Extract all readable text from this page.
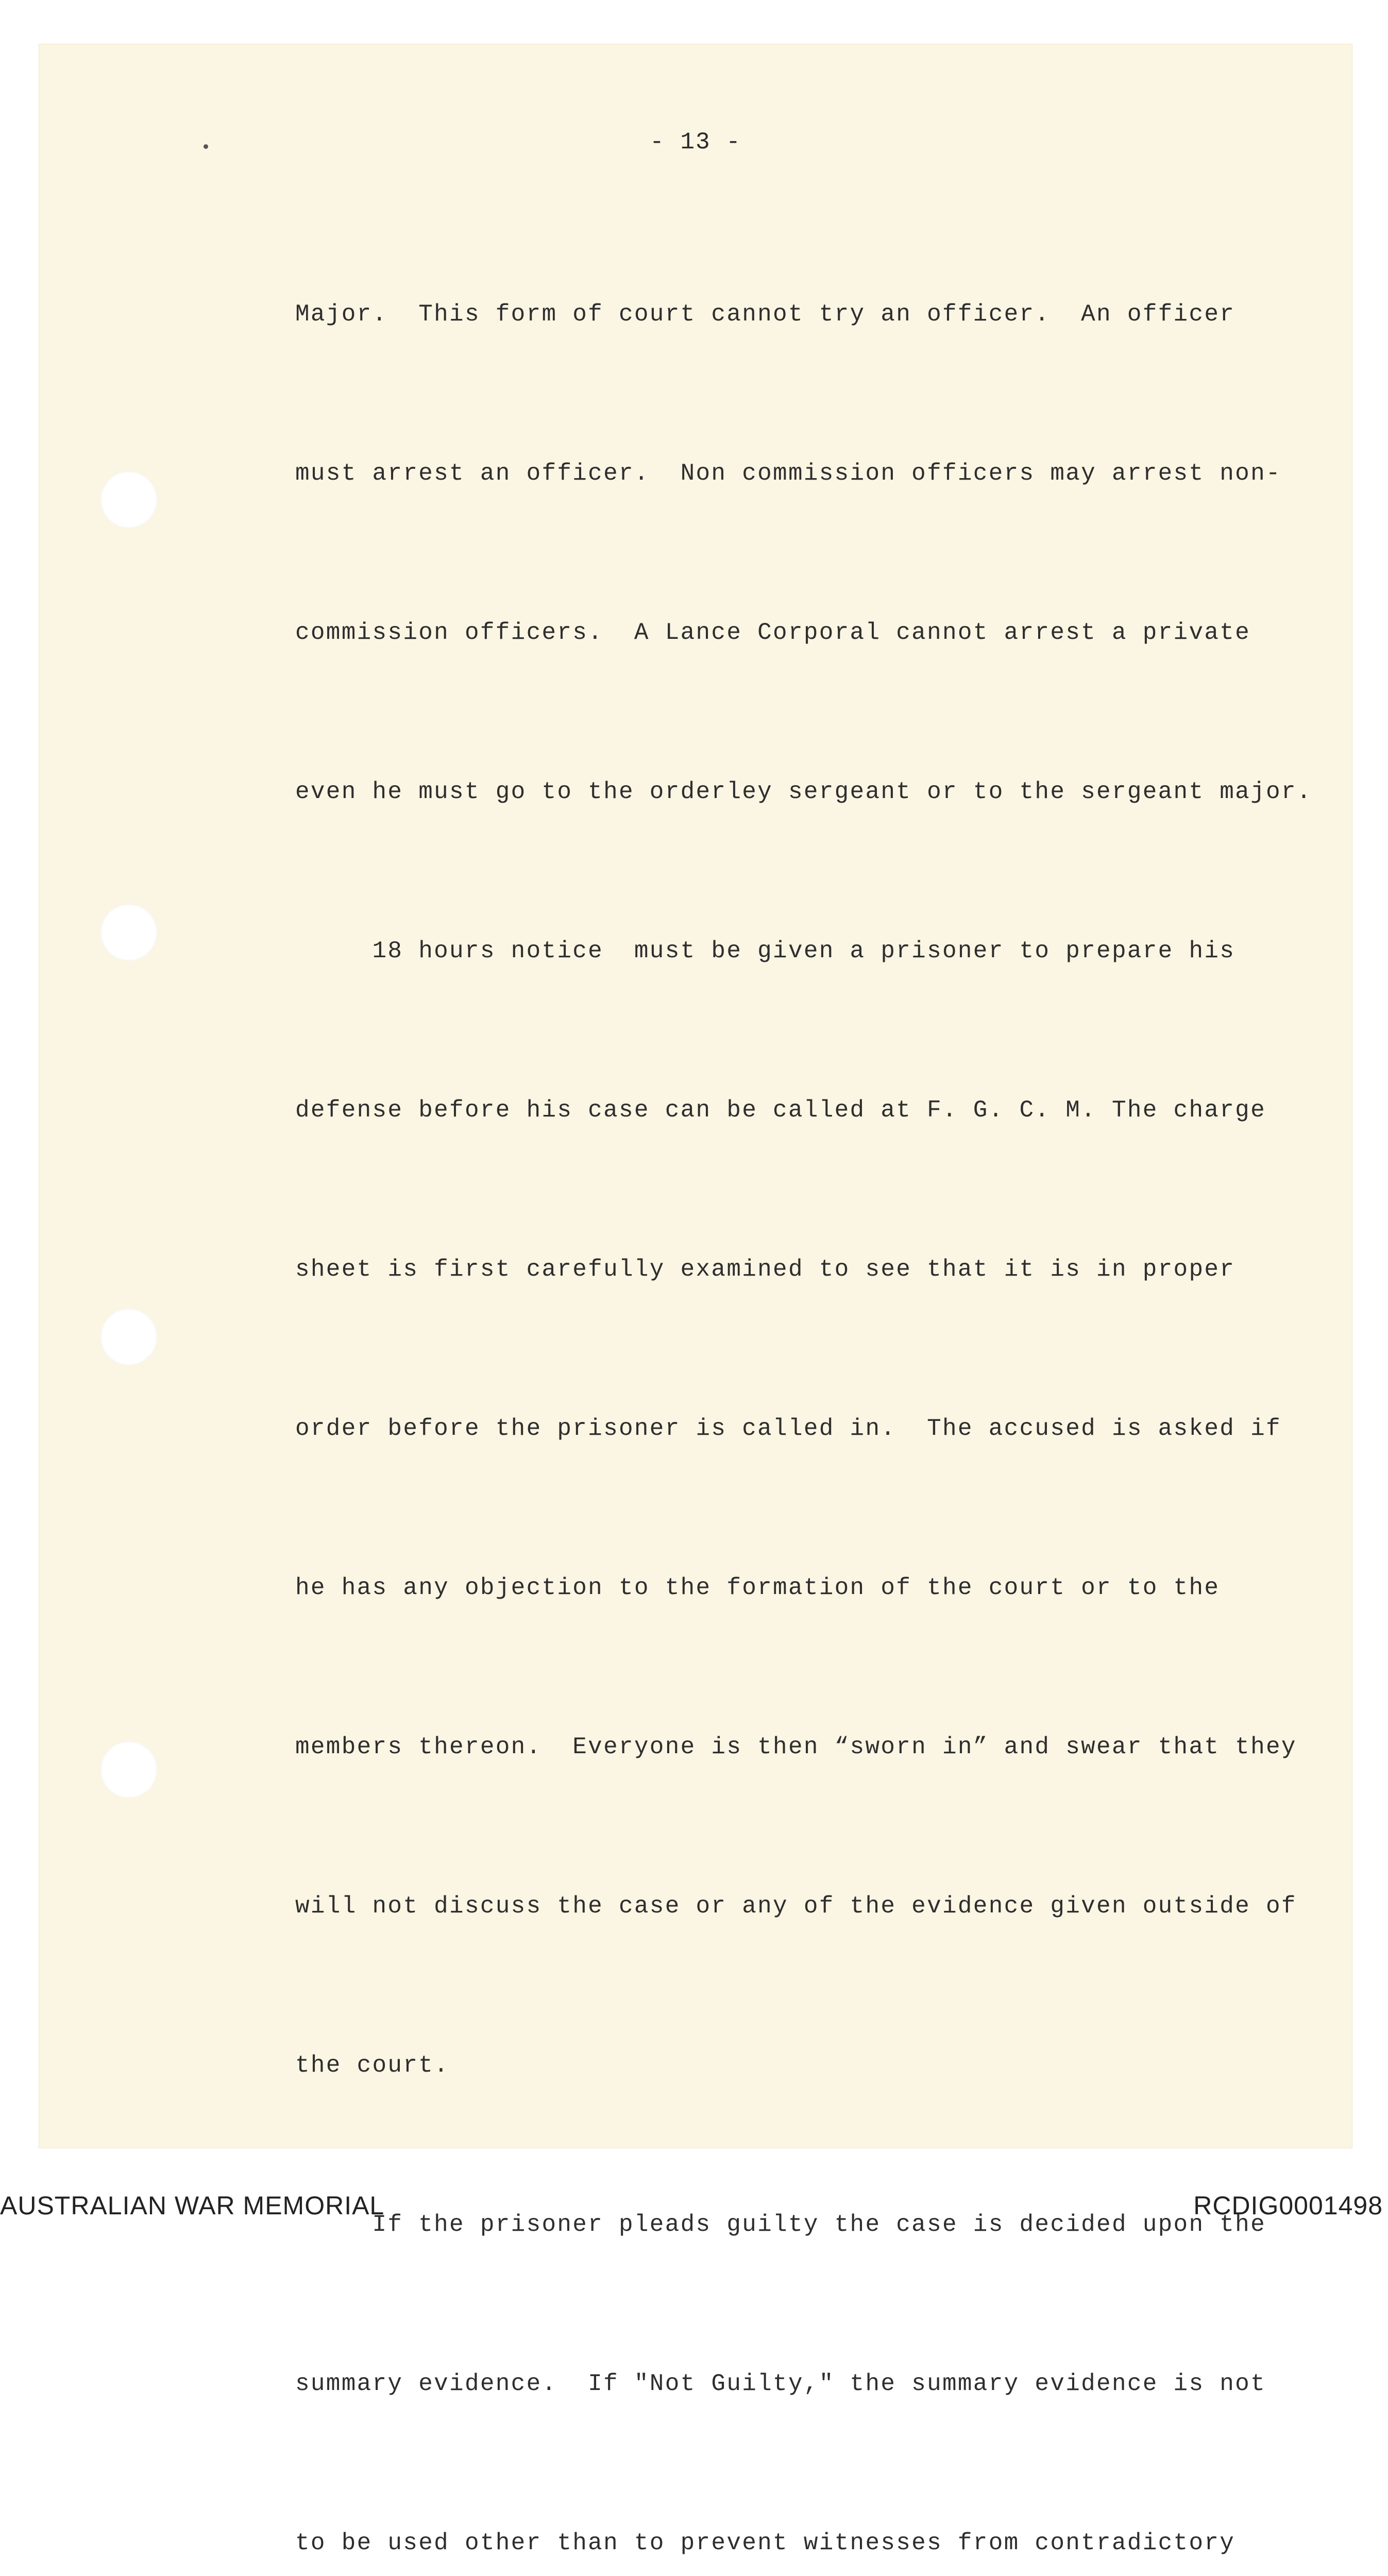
- 13 -

Major.  This form of court cannot try an officer.  An officer

must arrest an officer.  Non commission officers may arrest non-

commission officers.  A Lance Corporal cannot arrest a private

even he must go to the orderley sergeant or to the sergeant major.

18 hours notice  must be given a prisoner to prepare his

defense before his case can be called at F. G. C. M. The charge

sheet is first carefully examined to see that it is in proper

order before the prisoner is called in.  The accused is asked if

he has any objection to the formation of the court or to the

members thereon.  Everyone is then “sworn in” and swear that they

will not discuss the case or any of the evidence given outside of

the court.

If the prisoner pleads guilty the case is decided upon the

summary evidence.  If "Not Guilty," the summary evidence is not

to be used other than to prevent witnesses from contradictory

AUSTRALIAN WAR MEMORIAL	RCDIG0001498
